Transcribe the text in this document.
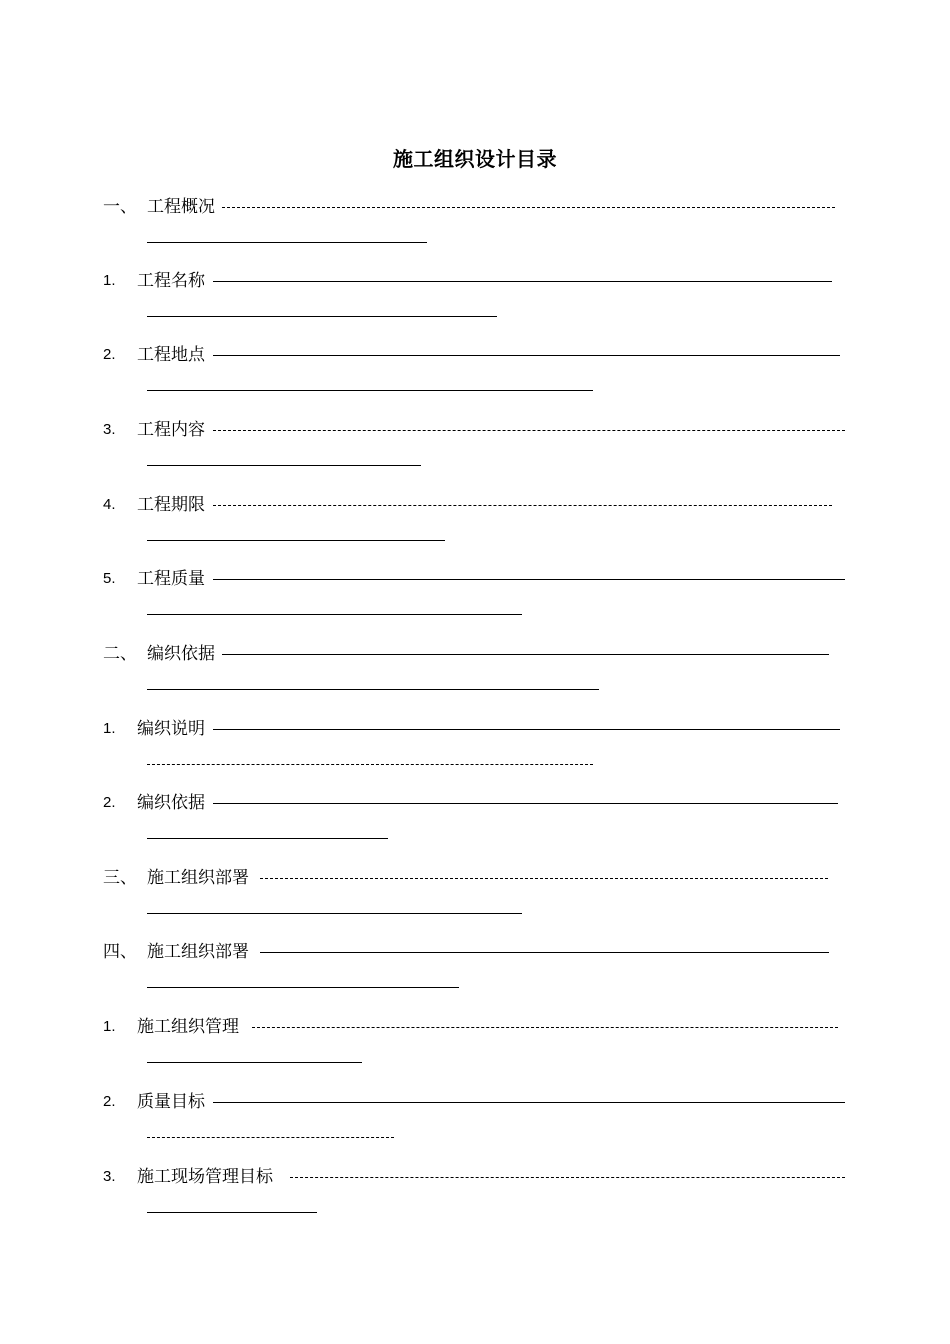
施工组织设计目录
一、 工程概况
1. 工程名称
2. 工程地点
3. 工程内容
4. 工程期限
5. 工程质量
二、 编织依据
1. 编织说明
2. 编织依据
三、 施工组织部署
四、 施工组织部署
1. 施工组织管理
2. 质量目标
3. 施工现场管理目标
